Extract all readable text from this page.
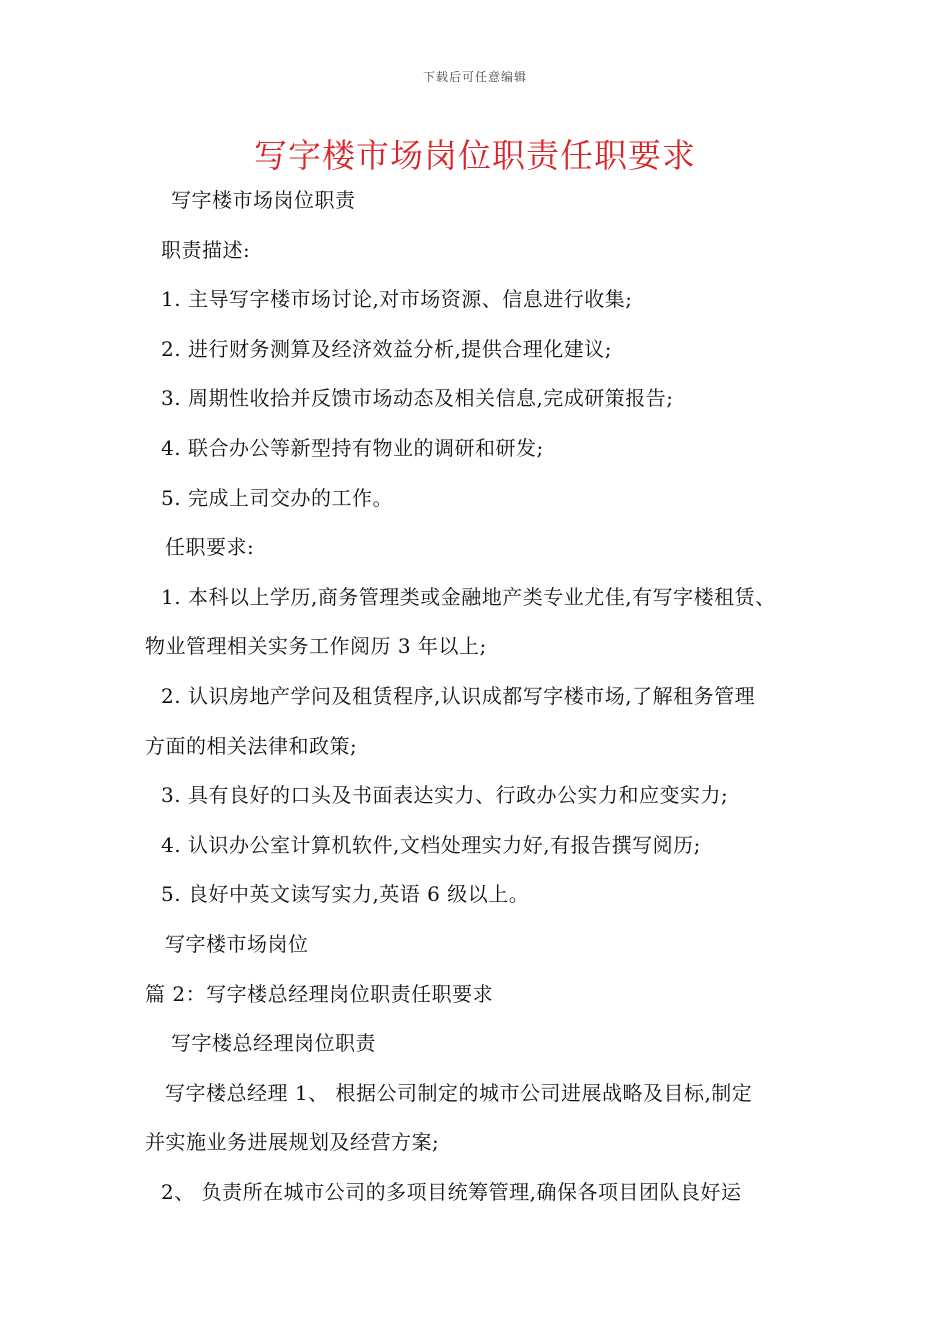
下载后可任意编辑
写字楼市场岗位职责任职要求
写字楼市场岗位职责
职责描述:
1. 主导写字楼市场讨论,对市场资源、信息进行收集;
2. 进行财务测算及经济效益分析,提供合理化建议;
3. 周期性收拾并反馈市场动态及相关信息,完成研策报告;
4. 联合办公等新型持有物业的调研和研发;
5. 完成上司交办的工作。
任职要求:
1. 本科以上学历,商务管理类或金融地产类专业尤佳,有写字楼租赁、
物业管理相关实务工作阅历 3 年以上;
2. 认识房地产学问及租赁程序,认识成都写字楼市场,了解租务管理
方面的相关法律和政策;
3. 具有良好的口头及书面表达实力、行政办公实力和应变实力;
4. 认识办公室计算机软件,文档处理实力好,有报告撰写阅历;
5. 良好中英文读写实力,英语 6 级以上。
写字楼市场岗位
篇 2：写字楼总经理岗位职责任职要求
写字楼总经理岗位职责
写字楼总经理 1、 根据公司制定的城市公司进展战略及目标,制定
并实施业务进展规划及经营方案;
2、 负责所在城市公司的多项目统筹管理,确保各项目团队良好运
